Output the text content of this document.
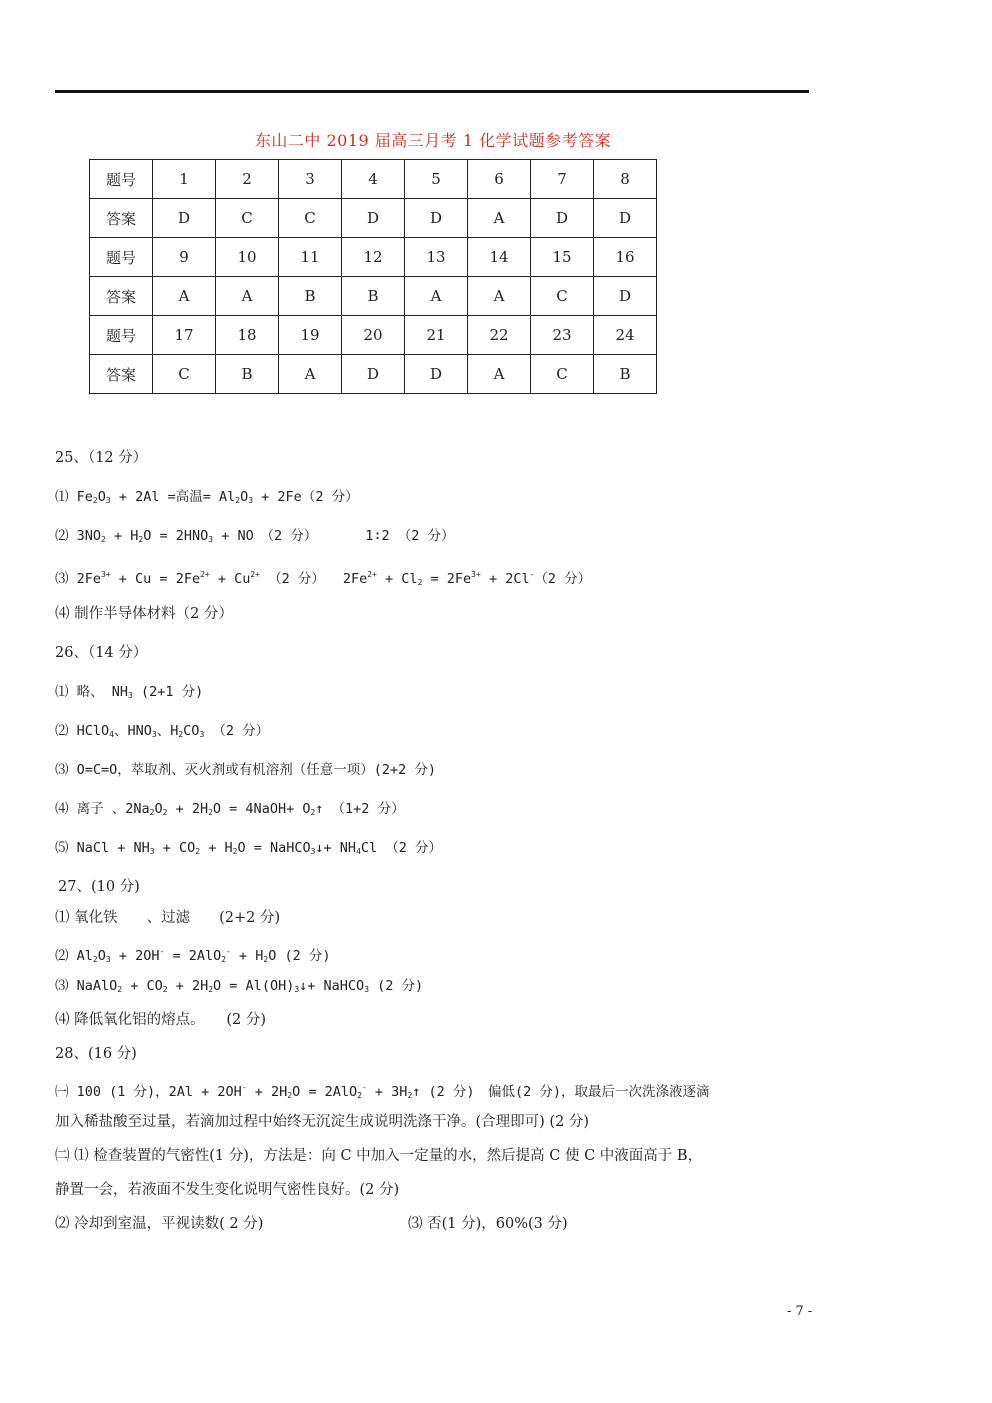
东山二中 2019 届高三月考 1 化学试题参考答案
题号	1	2	3	4	5	6	7	8
答案	D	C	C	D	D	A	D	D
题号	9	10	11	12	13	14	15	16
答案	A	A	B	B	A	A	C	D
题号	17	18	19	20	21	22	23	24
答案	C	B	A	D	D	A	C	B
25、（12 分）
⑴ $Fe_2O_3 + 2Al$ =高温= $Al_2O_3 + 2Fe(2$ 分）
⑵ $3NO_2 + H_2O = 2HNO_3$ + NO　（2 分）	1∶2 （2 分）
⑶ $2Fe^{3+} + Cu = 2Fe^{2+} + Cu^{2+}$ （2 分） $2Fe^{2+} + Cl_2 = 2Fe^{3+} + 2Cl^-(2$ 分）
⑷ 制作半导体材料（2 分）
26、（14 分）
⑴ 略、 $NH_3$ (2+1 分)
⑵ HClO$_4$、$HNO_3$、$H_2CO_3$ （2 分）
⑶ O=C=O，萃取剂、灭火剂或有机溶剂（任意一项）(2+2 分)
⑷ 离子 、$2Na_2O_2 + 2H_2O$ = 4NaOH+ $O_2↑$ （1+2 分）
⑸ NaCl + $NH_3 + CO_2 + H_2O$ = NaHCO$_3$↓+ $NH_4Cl$ （2 分）
27、(10 分)
⑴ 氧化铁　　、过滤　　(2+2 分)
⑵ $Al_2O_3 + 2OH^- = 2AlO_2^- + H_2O$ (2 分)
⑶ NaAlO$_2$ + $CO_2 + 2H_2O$ = $Al(OH)_3↓+$ NaHCO$_3$ (2 分)
⑷ 降低氧化铝的熔点。　　(2 分)
28、(16 分)
㈠ 100 (1 分)，$2Al + 2OH^- + 2H_2O = 2AlO_2^-$ + $3H_2↑$ (2 分)　偏低(2 分)，取最后一次洗涤液逐滴
加入稀盐酸至过量，若滴加过程中始终无沉淀生成说明洗涤干净。(合理即可) (2 分)
㈡ ⑴ 检查装置的气密性(1 分)，方法是：向 C 中加入一定量的水，然后提高 C 使 C 中液面高于 B，
静置一会，若液面不发生变化说明气密性良好。(2 分)
⑵ 冷却到室温，平视读数( 2 分)	⑶ 否(1 分)，60%(3 分)
- 7 -
